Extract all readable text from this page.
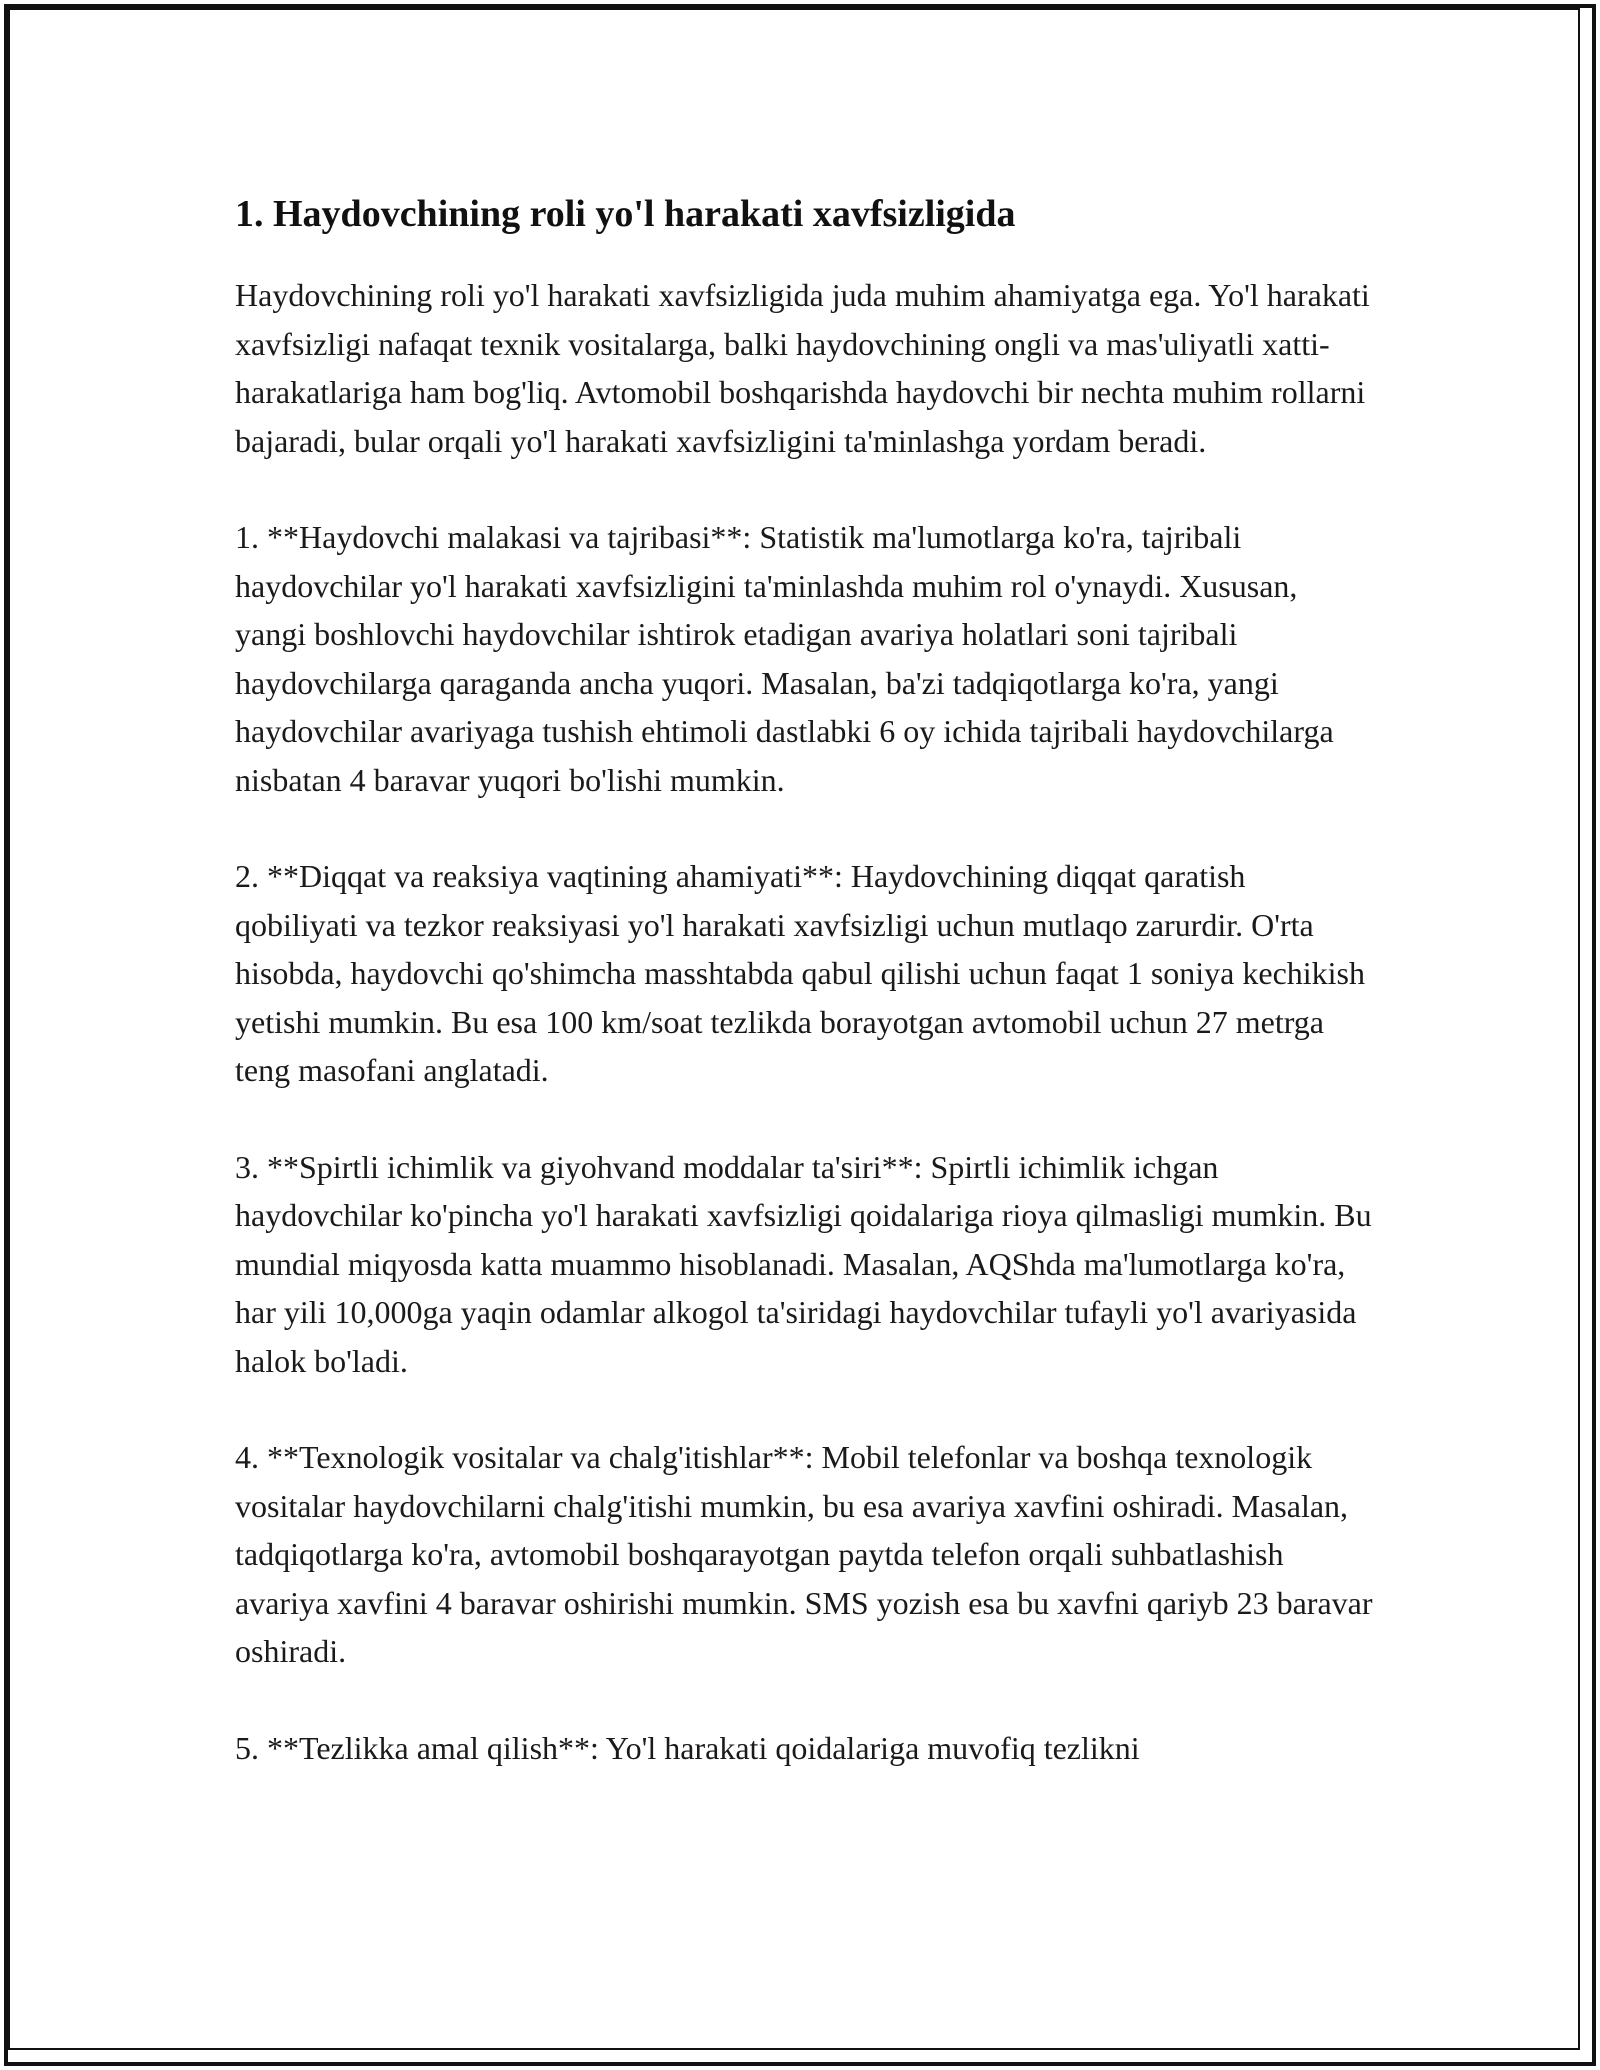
1. Haydovchining roli yo'l harakati xavfsizligida

Haydovchining roli yo'l harakati xavfsizligida juda muhim ahamiyatga ega. Yo'l harakati xavfsizligi nafaqat texnik vositalarga, balki haydovchining ongli va mas'uliyatli xatti-harakatlariga ham bog'liq. Avtomobil boshqarishda haydovchi bir nechta muhim rollarni bajaradi, bular orqali yo'l harakati xavfsizligini ta'minlashga yordam beradi.

1. **Haydovchi malakasi va tajribasi**: Statistik ma'lumotlarga ko'ra, tajribali haydovchilar yo'l harakati xavfsizligini ta'minlashda muhim rol o'ynaydi. Xususan, yangi boshlovchi haydovchilar ishtirok etadigan avariya holatlari soni tajribali haydovchilarga qaraganda ancha yuqori. Masalan, ba'zi tadqiqotlarga ko'ra, yangi haydovchilar avariyaga tushish ehtimoli dastlabki 6 oy ichida tajribali haydovchilarga nisbatan 4 baravar yuqori bo'lishi mumkin.

2. **Diqqat va reaksiya vaqtining ahamiyati**: Haydovchining diqqat qaratish qobiliyati va tezkor reaksiyasi yo'l harakati xavfsizligi uchun mutlaqo zarurdir. O'rta hisobda, haydovchi qo'shimcha masshtabda qabul qilishi uchun faqat 1 soniya kechikish yetishi mumkin. Bu esa 100 km/soat tezlikda borayotgan avtomobil uchun 27 metrga teng masofani anglatadi.

3. **Spirtli ichimlik va giyohvand moddalar ta'siri**: Spirtli ichimlik ichgan haydovchilar ko'pincha yo'l harakati xavfsizligi qoidalariga rioya qilmasligi mumkin. Bu mundial miqyosda katta muammo hisoblanadi. Masalan, AQShda ma'lumotlarga ko'ra, har yili 10,000ga yaqin odamlar alkogol ta'siridagi haydovchilar tufayli yo'l avariyasida halok bo'ladi.

4. **Texnologik vositalar va chalg'itishlar**: Mobil telefonlar va boshqa texnologik vositalar haydovchilarni chalg'itishi mumkin, bu esa avariya xavfini oshiradi. Masalan, tadqiqotlarga ko'ra, avtomobil boshqarayotgan paytda telefon orqali suhbatlashish avariya xavfini 4 baravar oshirishi mumkin. SMS yozish esa bu xavfni qariyb 23 baravar oshiradi.

5. **Tezlikka amal qilish**: Yo'l harakati qoidalariga muvofiq tezlikni
